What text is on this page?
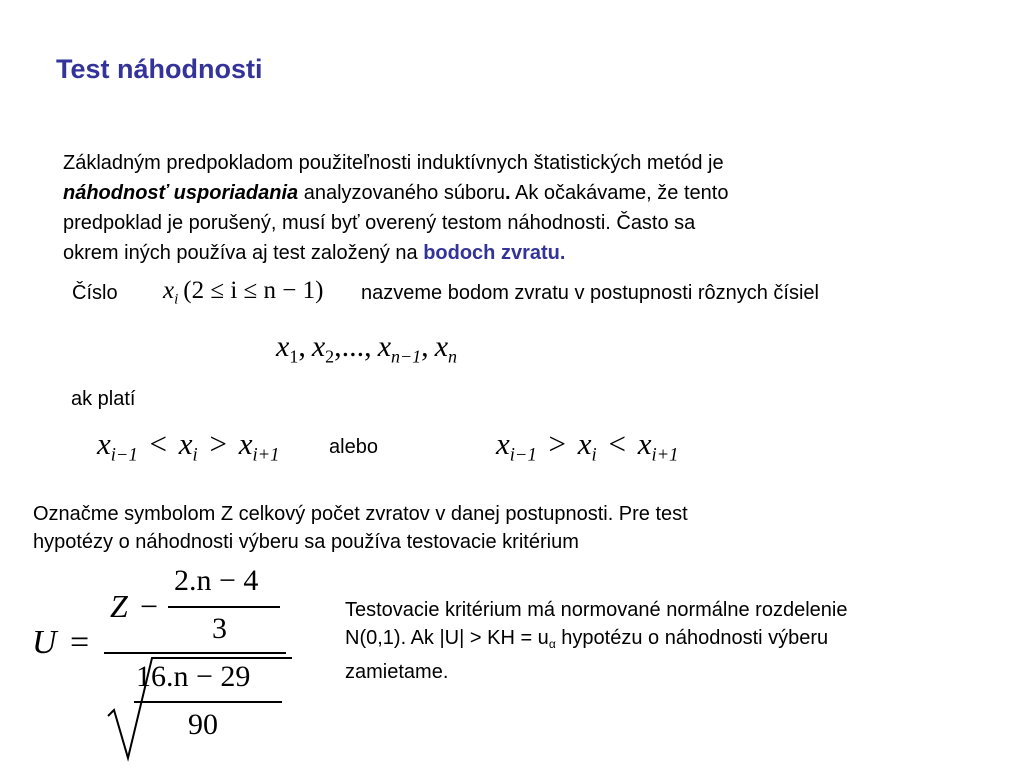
Test náhodnosti
Základným predpokladom použiteľnosti induktívnych štatistických metód je
náhodnosť usporiadania analyzovaného súboru. Ak očakávame, že tento
predpoklad je porušený, musí byť overený testom náhodnosti. Často sa
okrem iných používa aj test založený na bodoch zvratu.
Číslo $x_i$ (2 ≤ i ≤ n − 1) nazveme bodom zvratu v postupnosti rôznych čísiel
$x_1$, $x_2$,..., $x_{n-1}$, $x_n$
ak platí
$x_{i-1} < x_i > x_{i+1}$ alebo	$x_{i-1} > x_i < x_{i+1}$
Označme symbolom Z celkový počet zvratov v danej postupnosti. Pre test
hypotézy o náhodnosti výberu sa používa testovacie kritérium
U =
Z −
2.n − 4
3
16.n − 29
90
Testovacie kritérium má normované normálne rozdelenie
N(0,1). Ak |U| > KH = $u_\alpha$ hypotézu o náhodnosti výberu
zamietame.
